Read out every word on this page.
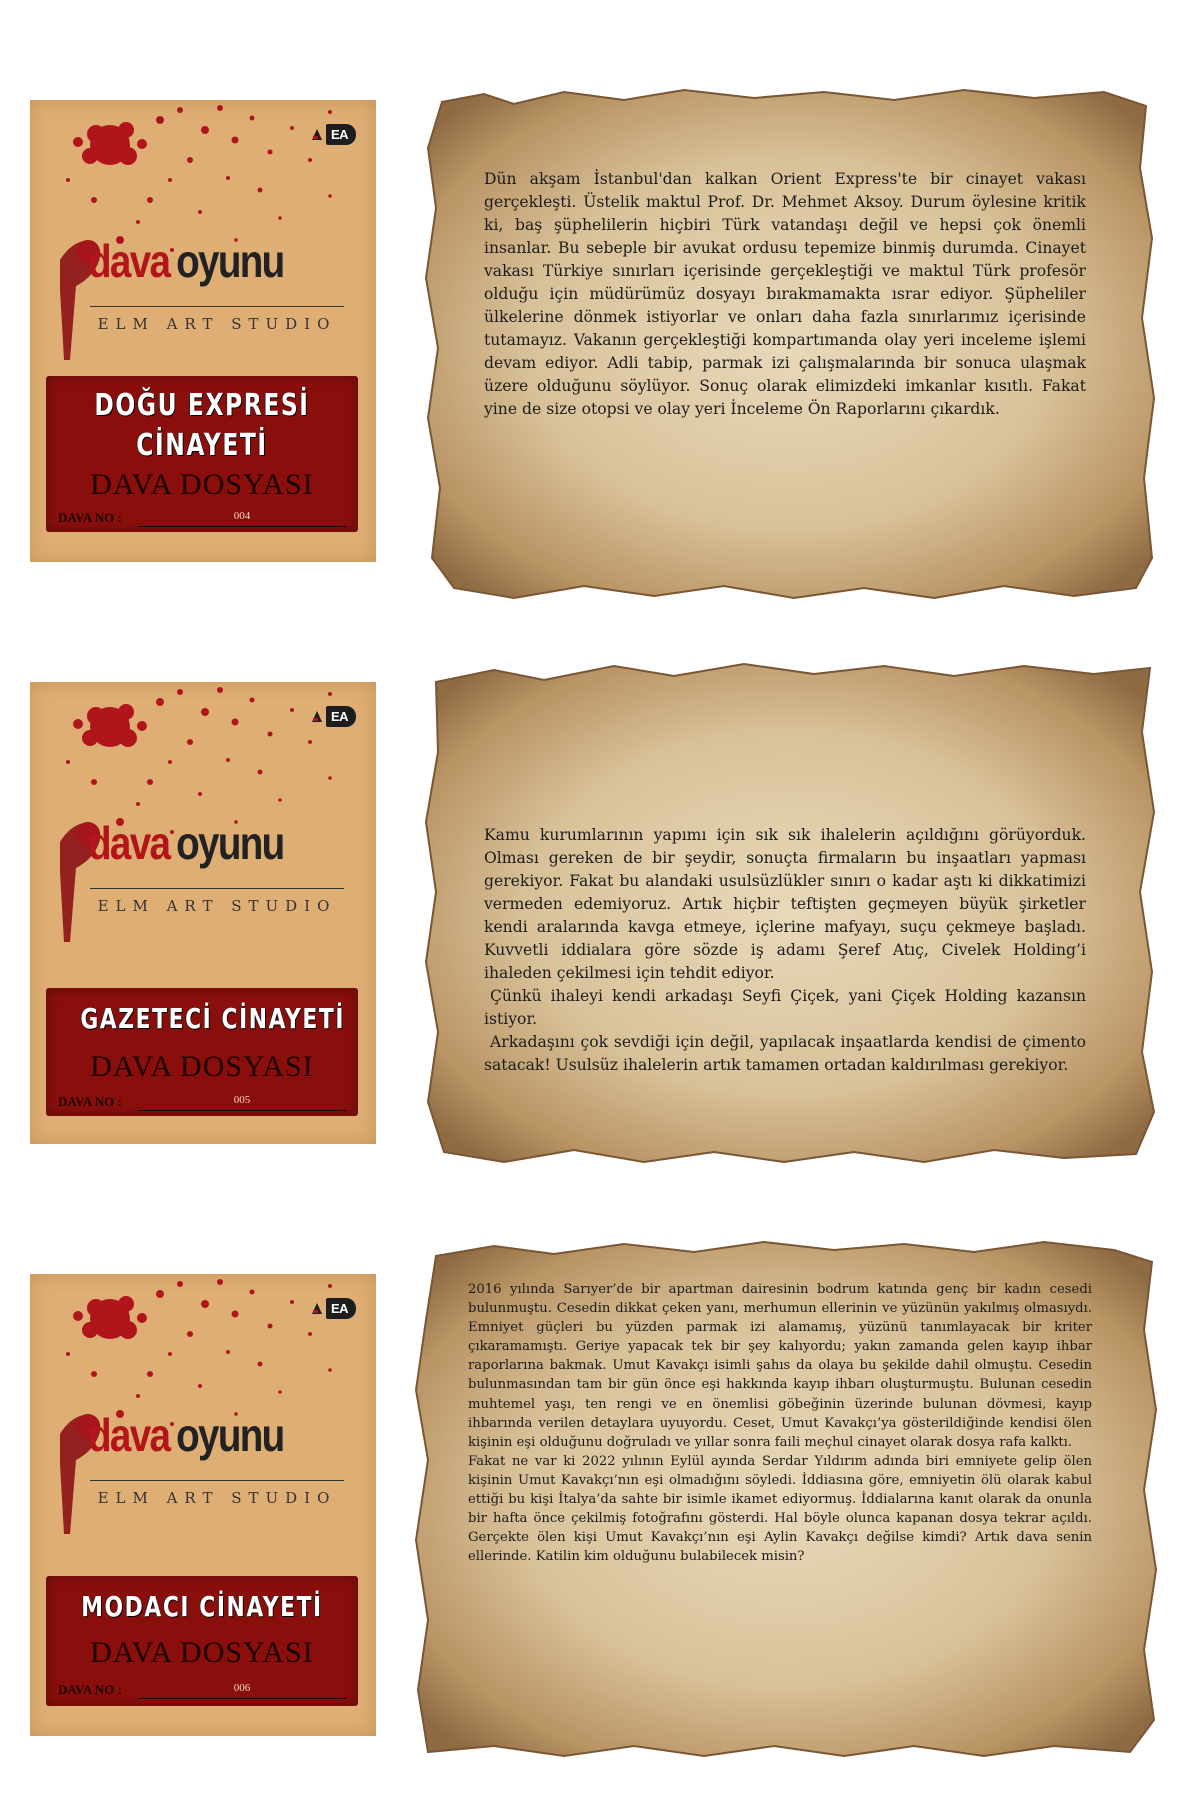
EA
dava oyunu
ELM ART STUDIO
DOĞU EXPRESİ
CİNAYETİ
DAVA DOSYASI
DAVA NO :	004

Dün akşam İstanbul'dan kalkan Orient Express'te bir cinayet vakası gerçekleşti. Üstelik maktul Prof. Dr. Mehmet Aksoy. Durum öylesine kritik ki, baş şüphelilerin hiçbiri Türk vatandaşı değil ve hepsi çok önemli insanlar. Bu sebeple bir avukat ordusu tepemize binmiş durumda. Cinayet vakası Türkiye sınırları içerisinde gerçekleştiği ve maktul Türk profesör olduğu için müdürümüz dosyayı bırakmamakta ısrar ediyor. Şüpheliler ülkelerine dönmek istiyorlar ve onları daha fazla sınırlarımız içerisinde tutamayız. Vakanın gerçekleştiği kompartımanda olay yeri inceleme işlemi devam ediyor. Adli tabip, parmak izi çalışmalarında bir sonuca ulaşmak üzere olduğunu söylüyor. Sonuç olarak elimizdeki imkanlar kısıtlı. Fakat yine de size otopsi ve olay yeri İnceleme Ön Raporlarını çıkardık.

EA
dava oyunu
ELM ART STUDIO
GAZETECİ CİNAYETİ
DAVA DOSYASI
DAVA NO :	005

Kamu kurumlarının yapımı için sık sık ihalelerin açıldığını görüyorduk. Olması gereken de bir şeydir, sonuçta firmaların bu inşaatları yapması gerekiyor. Fakat bu alandaki usulsüzlükler sınırı o kadar aştı ki dikkatimizi vermeden edemiyoruz. Artık hiçbir teftişten geçmeyen büyük şirketler kendi aralarında kavga etmeye, içlerine mafyayı, suçu çekmeye başladı. Kuvvetli iddialara göre sözde iş adamı Şeref Atıç, Civelek Holding’i ihaleden çekilmesi için tehdit ediyor.

Çünkü ihaleyi kendi arkadaşı Seyfi Çiçek, yani Çiçek Holding kazansın istiyor.

Arkadaşını çok sevdiği için değil, yapılacak inşaatlarda kendisi de çimento satacak! Usulsüz ihalelerin artık tamamen ortadan kaldırılması gerekiyor.

EA
dava oyunu
ELM ART STUDIO
MODACI CİNAYETİ
DAVA DOSYASI
DAVA NO :	006

2016 yılında Sarıyer’de bir apartman dairesinin bodrum katında genç bir kadın cesedi bulunmuştu. Cesedin dikkat çeken yanı, merhumun ellerinin ve yüzünün yakılmış olmasıydı. Emniyet güçleri bu yüzden parmak izi alamamış, yüzünü tanımlayacak bir kriter çıkaramamıştı. Geriye yapacak tek bir şey kalıyordu; yakın zamanda gelen kayıp ihbar raporlarına bakmak. Umut Kavakçı isimli şahıs da olaya bu şekilde dahil olmuştu. Cesedin bulunmasından tam bir gün önce eşi hakkında kayıp ihbarı oluşturmuştu. Bulunan cesedin muhtemel yaşı, ten rengi ve en önemlisi göbeğinin üzerinde bulunan dövmesi, kayıp ihbarında verilen detaylara uyuyordu. Ceset, Umut Kavakçı’ya gösterildiğinde kendisi ölen kişinin eşi olduğunu doğruladı ve yıllar sonra faili meçhul cinayet olarak dosya rafa kalktı.

Fakat ne var ki 2022 yılının Eylül ayında Serdar Yıldırım adında biri emniyete gelip ölen kişinin Umut Kavakçı’nın eşi olmadığını söyledi. İddiasına göre, emniyetin ölü olarak kabul ettiği bu kişi İtalya’da sahte bir isimle ikamet ediyormuş. İddialarına kanıt olarak da onunla bir hafta önce çekilmiş fotoğrafını gösterdi. Hal böyle olunca kapanan dosya tekrar açıldı. Gerçekte ölen kişi Umut Kavakçı’nın eşi Aylin Kavakçı değilse kimdi? Artık dava senin ellerinde. Katilin kim olduğunu bulabilecek misin?
